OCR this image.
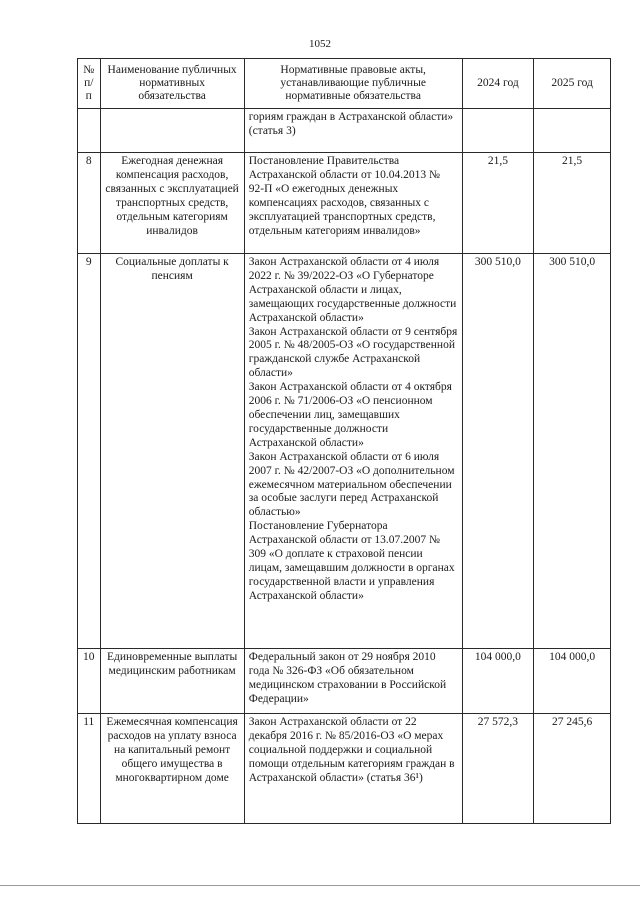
1052
№ п/п	Наименование публичных нормативных обязательства	Нормативные правовые акты, устанавливающие публичные нормативные обязательства	2024 год	2025 год

		гориям граждан в Астраханской области»
(статья 3)		

8	Ежегодная денежная компенсация расходов, связанных с эксплуатацией транспортных средств, отдельным категориям инвалидов	Постановление Правительства Астраханской области от 10.04.2013 № 92-П «О ежегодных денежных компенсациях расходов, связанных с эксплуатацией транспортных средств, отдельным категориям инвалидов»	21,5	21,5
9	Социальные доплаты к пенсиям	Закон Астраханской области от 4 июля 2022 г. № 39/2022-ОЗ «О Губернаторе Астраханской области и лицах, замещающих государственные должности Астраханской области»
Закон Астраханской области от 9 сентября 2005 г. № 48/2005-ОЗ «О государственной гражданской службе Астраханской области»
Закон Астраханской области от 4 октября 2006 г. № 71/2006-ОЗ «О пенсионном обеспечении лиц, замещавших государственные должности Астраханской области»
Закон Астраханской области от 6 июля 2007 г. № 42/2007-ОЗ «О дополнительном ежемесячном материальном обеспечении за особые заслуги перед Астраханской областью»
Постановление Губернатора Астраханской области от 13.07.2007 № 309 «О доплате к страховой пенсии лицам, замещавшим должности в органах государственной власти и управления Астраханской области»	300 510,0	300 510,0
10	Единовременные выплаты медицинским работникам	Федеральный закон от 29 ноября 2010 года № 326-ФЗ «Об обязательном медицинском страховании в Российской Федерации»	104 000,0	104 000,0
11	Ежемесячная компенсация расходов на уплату взноса на капитальный ремонт общего имущества в многоквартирном доме	Закон Астраханской области от 22 декабря 2016 г. № 85/2016-ОЗ «О мерах социальной поддержки и социальной помощи отдельным категориям граждан в Астраханской области» (статья 36¹)	27 572,3	27 245,6
